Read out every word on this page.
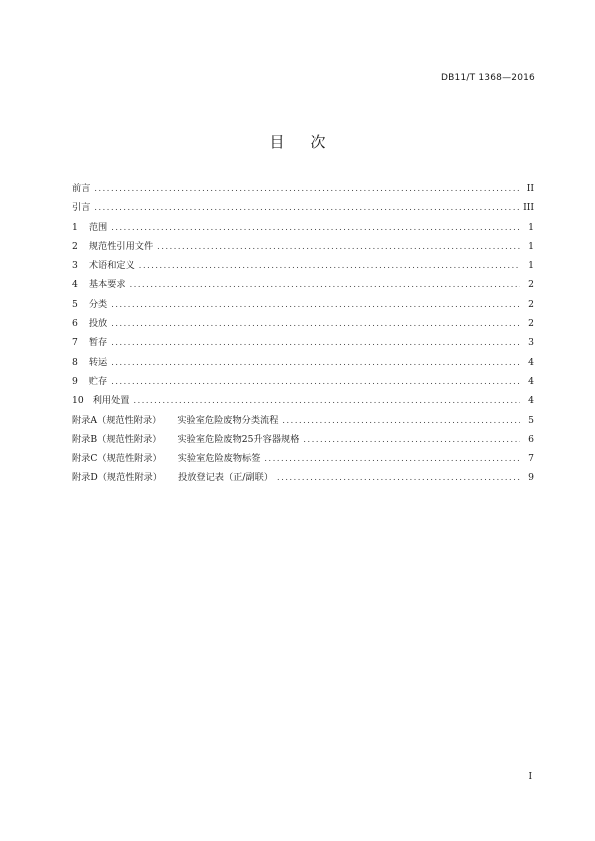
DB11/T 1368—2016
目次
前言 .....	II
引言 .....	III
1 范围 .....	1
2 规范性引用文件 .....	1
3 术语和定义 .....	1
4 基本要求 .....	2
5 分类 .....	2
6 投放 .....	2
7 暂存 .....	3
8 转运 .....	4
9 贮存 .....	4
10 利用处置 .....	4
附录A（规范性附录） 实验室危险废物分类流程 .....	5
附录B（规范性附录） 实验室危险废物25升容器规格 .....	6
附录C（规范性附录） 实验室危险废物标签 .....	7
附录D（规范性附录） 投放登记表（正/副联） .....	9
I
